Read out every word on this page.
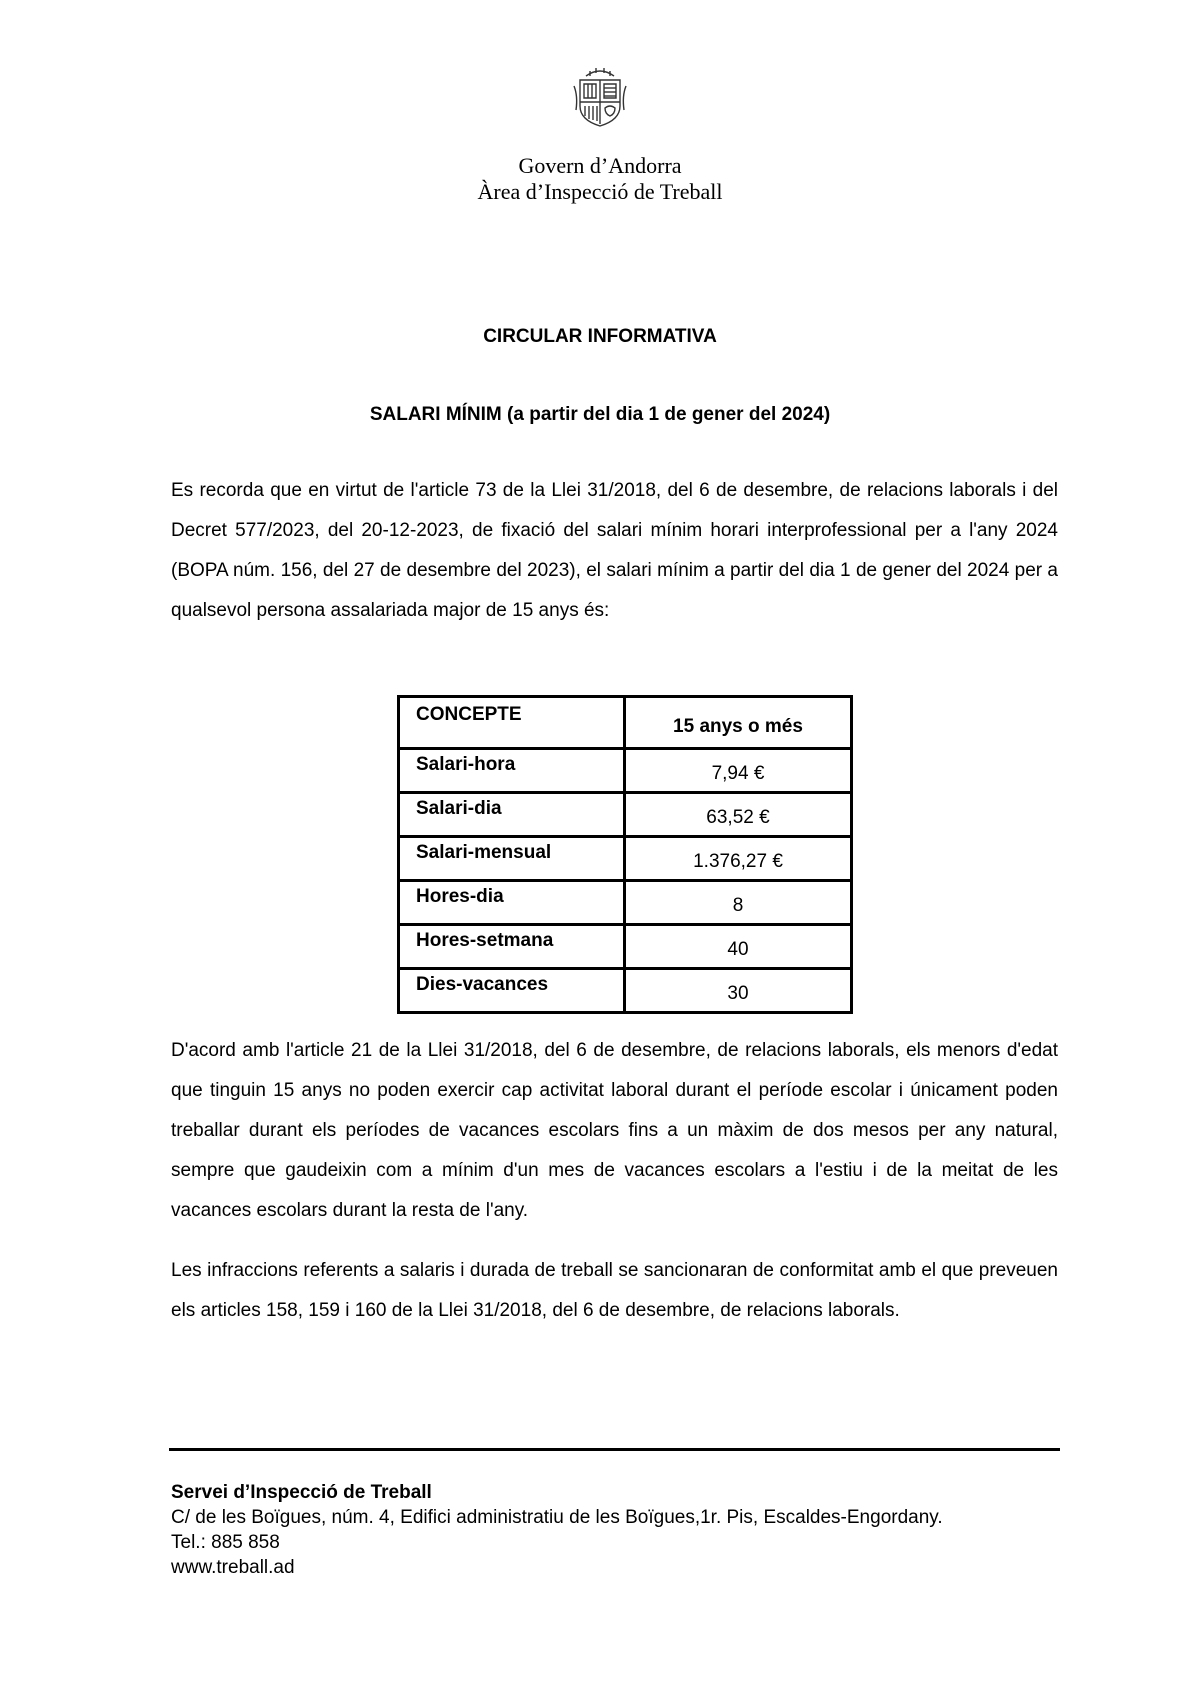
Govern d’Andorra
Àrea d’Inspecció de Treball
CIRCULAR INFORMATIVA
SALARI MÍNIM (a partir del dia 1 de gener del 2024)

Es recorda que en virtut de l'article 73 de la Llei 31/2018, del 6 de desembre, de relacions laborals i del Decret 577/2023, del 20-12-2023, de fixació del salari mínim horari interprofessional per a l'any 2024 (BOPA núm. 156, del 27 de desembre del 2023), el salari mínim a partir del dia 1 de gener del 2024 per a qualsevol persona assalariada major de 15 anys és:

CONCEPTE	15 anys o més
Salari-hora	7,94 €
Salari-dia	63,52 €
Salari-mensual	1.376,27 €
Hores-dia	8
Hores-setmana	40
Dies-vacances	30

D'acord amb l'article 21 de la Llei 31/2018, del 6 de desembre, de relacions laborals, els menors d'edat que tinguin 15 anys no poden exercir cap activitat laboral durant el període escolar i únicament poden treballar durant els períodes de vacances escolars fins a un màxim de dos mesos per any natural, sempre que gaudeixin com a mínim d'un mes de vacances escolars a l'estiu i de la meitat de les vacances escolars durant la resta de l'any.

Les infraccions referents a salaris i durada de treball se sancionaran de conformitat amb el que preveuen els articles 158, 159 i 160 de la Llei 31/2018, del 6 de desembre, de relacions laborals.

Servei d’Inspecció de Treball
C/ de les Boïgues, núm. 4, Edifici administratiu de les Boïgues,1r. Pis, Escaldes-Engordany.
Tel.: 885 858
www.treball.ad
